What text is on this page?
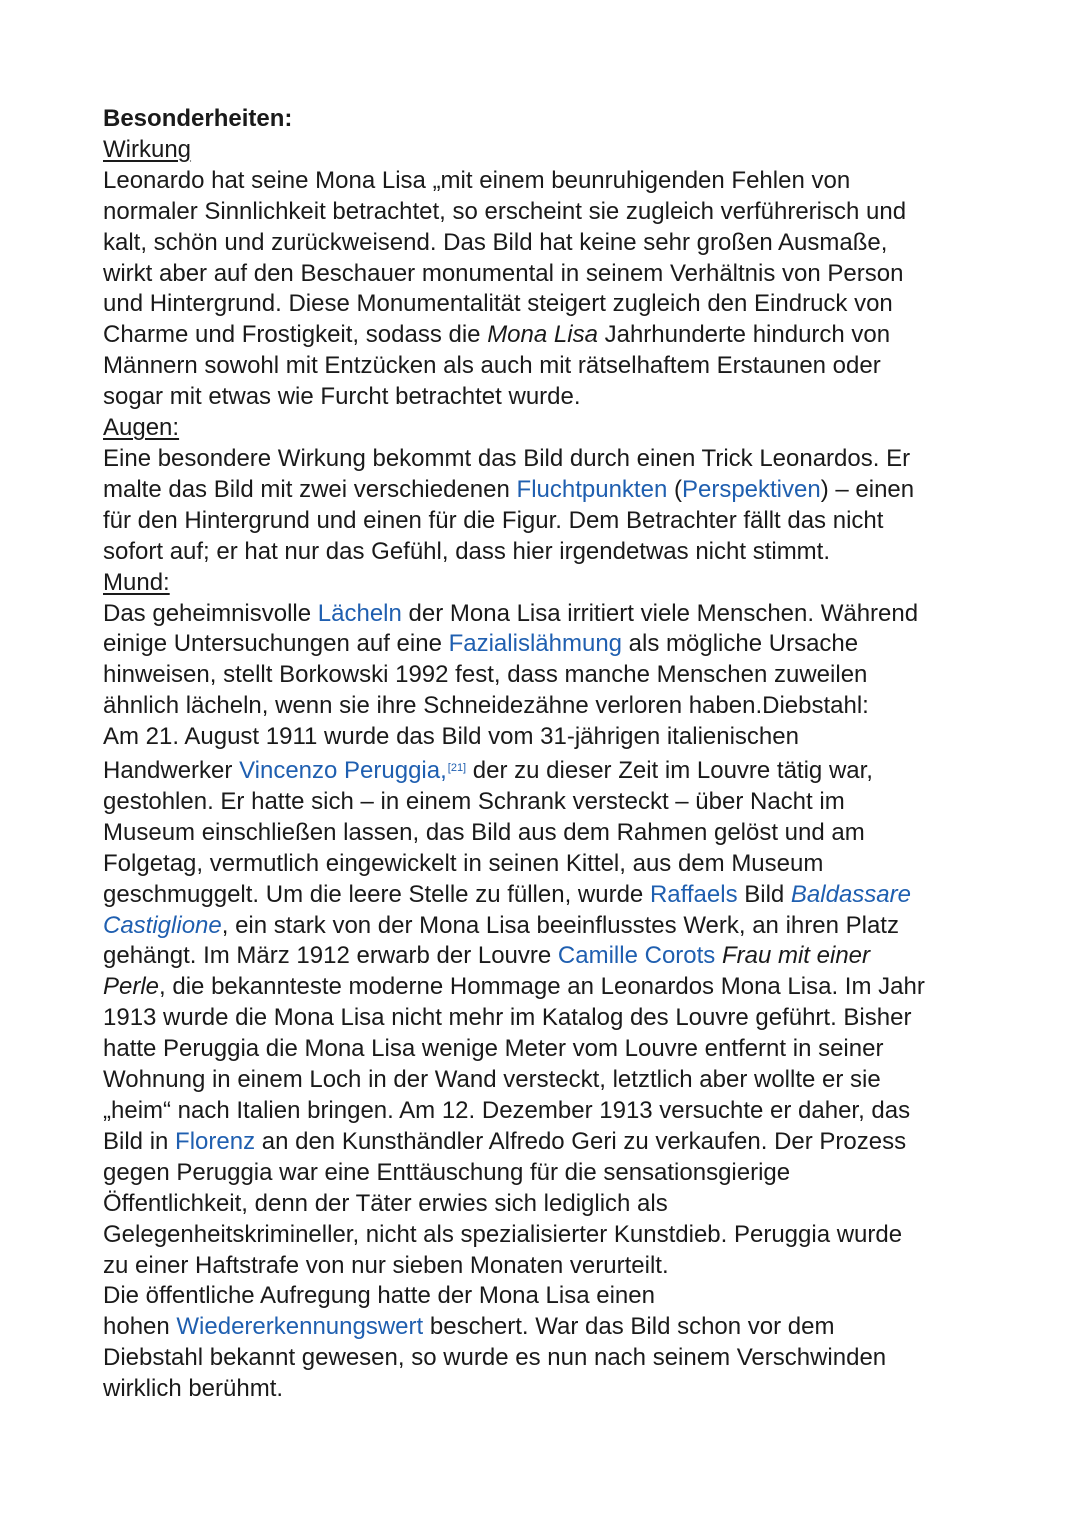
Besonderheiten:
Wirkung
Leonardo hat seine Mona Lisa „mit einem beunruhigenden Fehlen von
normaler Sinnlichkeit betrachtet, so erscheint sie zugleich verführerisch und
kalt, schön und zurückweisend. Das Bild hat keine sehr großen Ausmaße,
wirkt aber auf den Beschauer monumental in seinem Verhältnis von Person
und Hintergrund. Diese Monumentalität steigert zugleich den Eindruck von
Charme und Frostigkeit, sodass die Mona Lisa Jahrhunderte hindurch von
Männern sowohl mit Entzücken als auch mit rätselhaftem Erstaunen oder
sogar mit etwas wie Furcht betrachtet wurde.
Augen:
Eine besondere Wirkung bekommt das Bild durch einen Trick Leonardos. Er
malte das Bild mit zwei verschiedenen Fluchtpunkten (Perspektiven) – einen
für den Hintergrund und einen für die Figur. Dem Betrachter fällt das nicht
sofort auf; er hat nur das Gefühl, dass hier irgendetwas nicht stimmt.
Mund:
Das geheimnisvolle Lächeln der Mona Lisa irritiert viele Menschen. Während
einige Untersuchungen auf eine Fazialislähmung als mögliche Ursache
hinweisen, stellt Borkowski 1992 fest, dass manche Menschen zuweilen
ähnlich lächeln, wenn sie ihre Schneidezähne verloren haben.Diebstahl:
Am 21. August 1911 wurde das Bild vom 31-jährigen italienischen
Handwerker Vincenzo Peruggia,[21] der zu dieser Zeit im Louvre tätig war,
gestohlen. Er hatte sich – in einem Schrank versteckt – über Nacht im
Museum einschließen lassen, das Bild aus dem Rahmen gelöst und am
Folgetag, vermutlich eingewickelt in seinen Kittel, aus dem Museum
geschmuggelt. Um die leere Stelle zu füllen, wurde Raffaels Bild Baldassare
Castiglione, ein stark von der Mona Lisa beeinflusstes Werk, an ihren Platz
gehängt. Im März 1912 erwarb der Louvre Camille Corots Frau mit einer
Perle, die bekannteste moderne Hommage an Leonardos Mona Lisa. Im Jahr
1913 wurde die Mona Lisa nicht mehr im Katalog des Louvre geführt. Bisher
hatte Peruggia die Mona Lisa wenige Meter vom Louvre entfernt in seiner
Wohnung in einem Loch in der Wand versteckt, letztlich aber wollte er sie
„heim“ nach Italien bringen. Am 12. Dezember 1913 versuchte er daher, das
Bild in Florenz an den Kunsthändler Alfredo Geri zu verkaufen. Der Prozess
gegen Peruggia war eine Enttäuschung für die sensationsgierige
Öffentlichkeit, denn der Täter erwies sich lediglich als
Gelegenheitskrimineller, nicht als spezialisierter Kunstdieb. Peruggia wurde
zu einer Haftstrafe von nur sieben Monaten verurteilt.
Die öffentliche Aufregung hatte der Mona Lisa einen
hohen Wiedererkennungswert beschert. War das Bild schon vor dem
Diebstahl bekannt gewesen, so wurde es nun nach seinem Verschwinden
wirklich berühmt.
